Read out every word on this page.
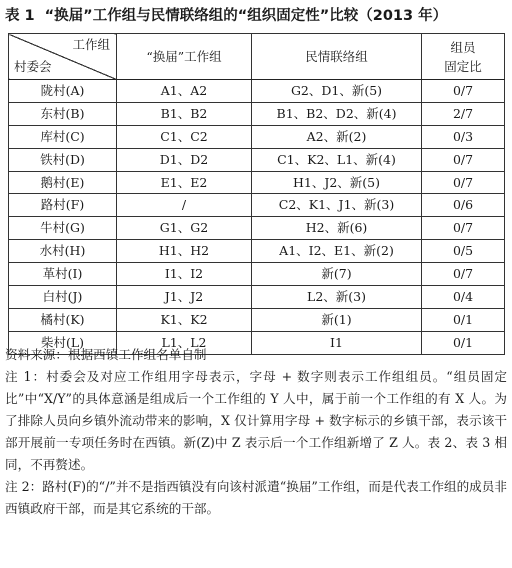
表 1 “换届”工作组与民情联络组的“组织固定性”比较（2013 年）
工作组
村委会	“换届”工作组	民情联络组	组员
固定比

陇村(A)	A1、A2	G2、D1、新(5)	0/7
东村(B)	B1、B2	B1、B2、D2、新(4)	2/7
库村(C)	C1、C2	A2、新(2)	0/3
铁村(D)	D1、D2	C1、K2、L1、新(4)	0/7
鹅村(E)	E1、E2	H1、J2、新(5)	0/7
路村(F)	/	C2、K1、J1、新(3)	0/6
牛村(G)	G1、G2	H2、新(6)	0/7
水村(H)	H1、H2	A1、I2、E1、新(2)	0/5
革村(I)	I1、I2	新(7)	0/7
白村(J)	J1、J2	L2、新(3)	0/4
橘村(K)	K1、K2	新(1)	0/1
柴村(L)	L1、L2	I1	0/1

资料来源：根据西镇工作组名单自制

注 1：村委会及对应工作组用字母表示，字母 + 数字则表示工作组组员。“组员固定比”中“X/Y”的具体意涵是组成后一个工作组的 Y 人中，属于前一个工作组的有 X 人。为了排除人员向乡镇外流动带来的影响，X 仅计算用字母 + 数字标示的乡镇干部，表示该干部开展前一专项任务时在西镇。新(Z)中 Z 表示后一个工作组新增了 Z 人。表 2、表 3 相同，不再赘述。

注 2：路村(F)的“/”并不是指西镇没有向该村派遣“换届”工作组，而是代表工作组的成员非西镇政府干部，而是其它系统的干部。
